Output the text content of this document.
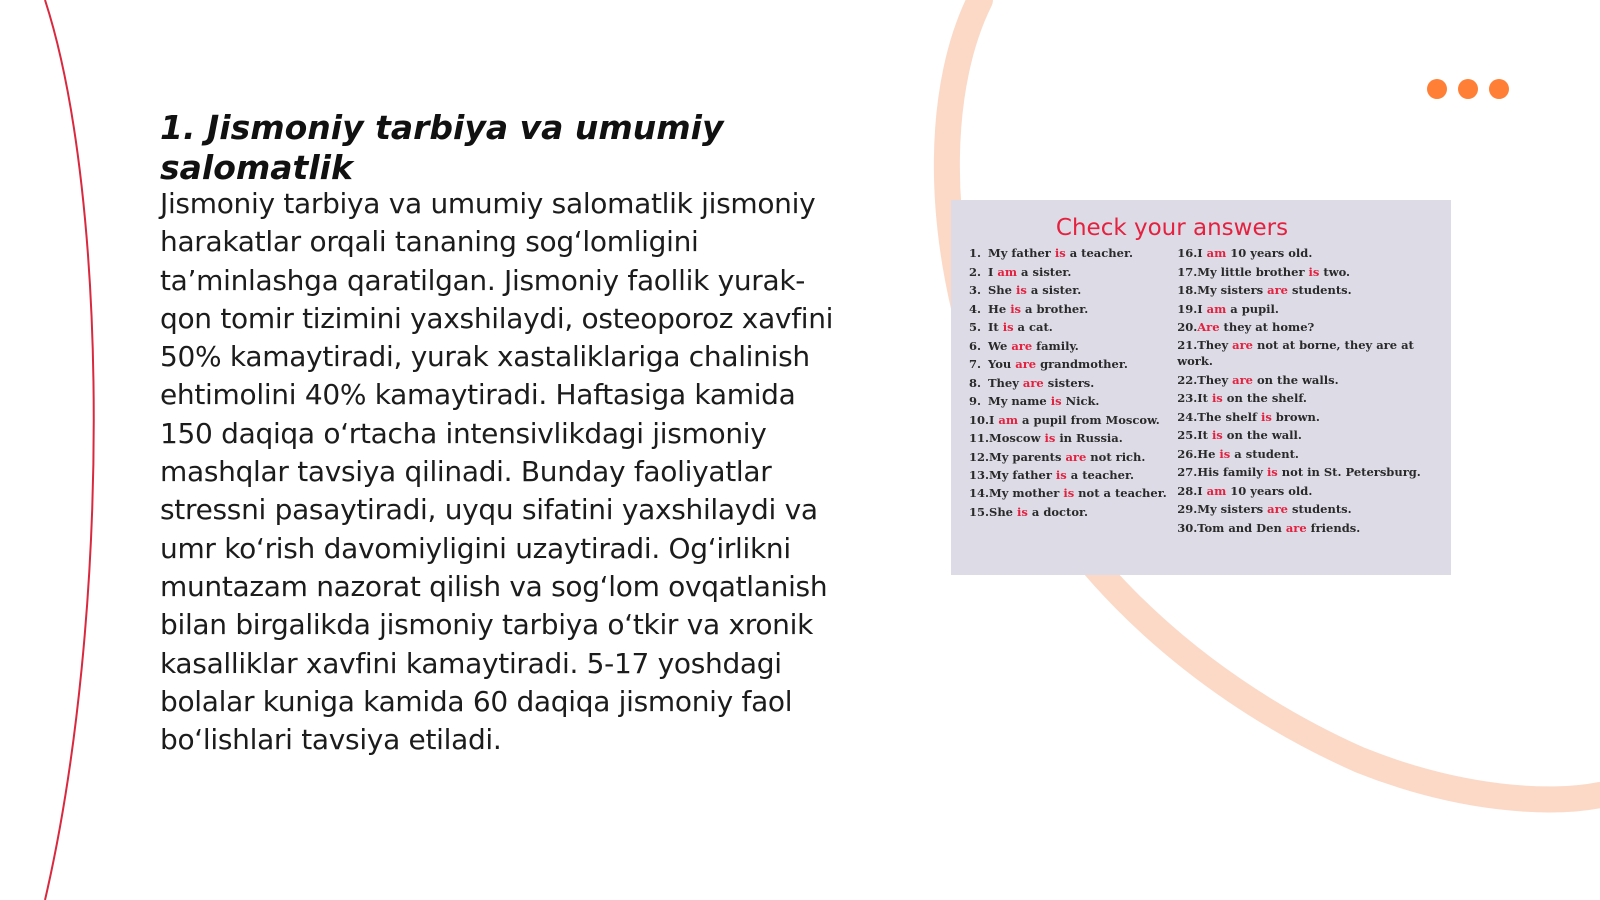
1. Jismoniy tarbiya va umumiy salomatlik

Jismoniy tarbiya va umumiy salomatlik jismoniy harakatlar orqali tananing sog‘lomligini ta’minlashga qaratilgan. Jismoniy faollik yurak-qon tomir tizimini yaxshilaydi, osteoporoz xavfini 50% kamaytiradi, yurak xastaliklariga chalinish ehtimolini 40% kamaytiradi. Haftasiga kamida 150 daqiqa o‘rtacha intensivlikdagi jismoniy mashqlar tavsiya qilinadi. Bunday faoliyatlar stressni pasaytiradi, uyqu sifatini yaxshilaydi va umr ko‘rish davomiyligini uzaytiradi. Og‘irlikni muntazam nazorat qilish va sog‘lom ovqatlanish bilan birgalikda jismoniy tarbiya o‘tkir va xronik kasalliklar xavfini kamaytiradi. 5-17 yoshdagi bolalar kuniga kamida 60 daqiqa jismoniy faol bo‘lishlari tavsiya etiladi.

Check your answers
1. My father is a teacher.
2. I am a sister.
3. She is a sister.
4. He is a brother.
5. It is a cat.
6. We are family.
7. You are grandmother.
8. They are sisters.
9. My name is Nick.
10.I am a pupil from Moscow.
11.Moscow is in Russia.
12.My parents are not rich.
13.My father is a teacher.
14.My mother is not a teacher.
15.She is a doctor.
16.I am 10 years old.
17.My little brother is two.
18.My sisters are students.
19.I am a pupil.
20.Are they at home?
21.They are not at borne, they are at work.
22.They are on the walls.
23.It is on the shelf.
24.The shelf is brown.
25.It is on the wall.
26.He is a student.
27.His family is not in St. Petersburg.
28.I am 10 years old.
29.My sisters are students.
30.Tom and Den are friends.
